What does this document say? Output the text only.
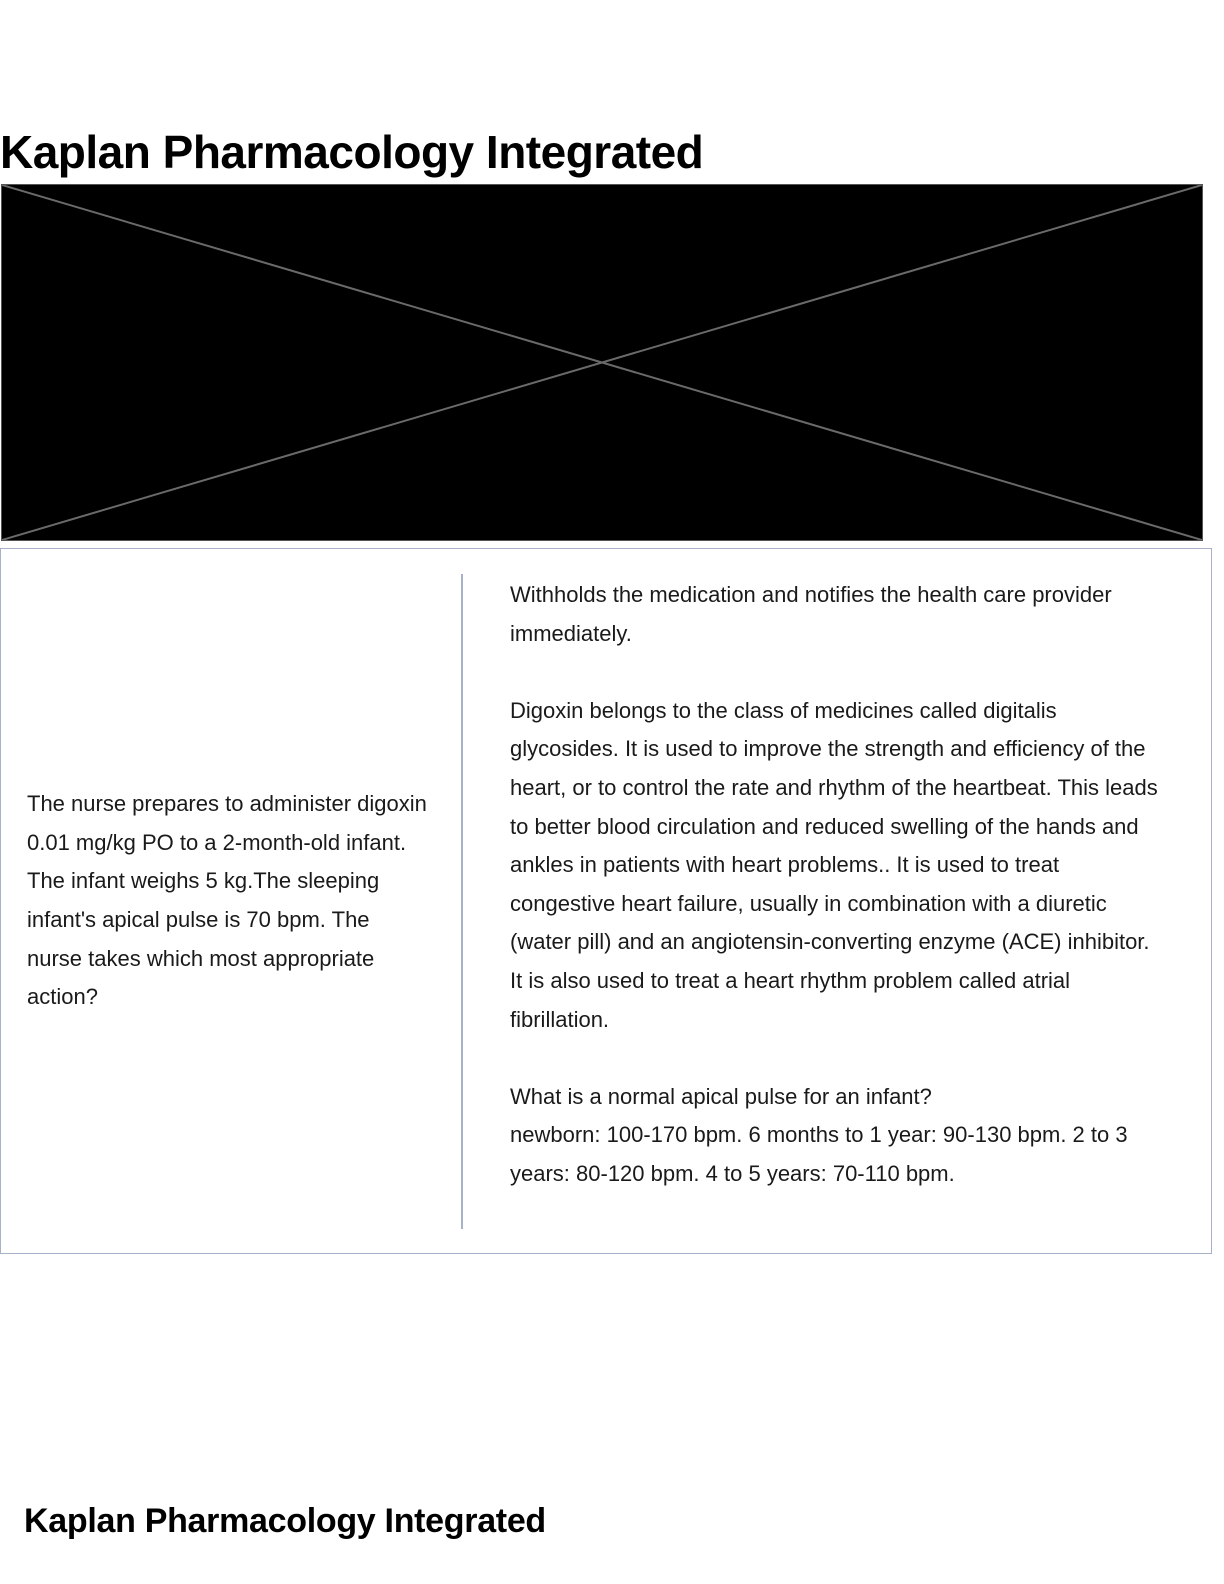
Kaplan Pharmacology Integrated

The nurse prepares to administer digoxin 0.01 mg/kg PO to a 2-month-old infant. The infant weighs 5 kg.The sleeping infant's apical pulse is 70 bpm. The nurse takes which most appropriate action?

Withholds the medication and notifies the health care provider immediately.

Digoxin belongs to the class of medicines called digitalis glycosides. It is used to improve the strength and efficiency of the heart, or to control the rate and rhythm of the heartbeat. This leads to better blood circulation and reduced swelling of the hands and ankles in patients with heart problems.. It is used to treat congestive heart failure, usually in combination with a diuretic (water pill) and an angiotensin-converting enzyme (ACE) inhibitor. It is also used to treat a heart rhythm problem called atrial fibrillation.

What is a normal apical pulse for an infant?

newborn: 100-170 bpm. 6 months to 1 year: 90-130 bpm. 2 to 3 years: 80-120 bpm. 4 to 5 years: 70-110 bpm.

Kaplan Pharmacology Integrated
